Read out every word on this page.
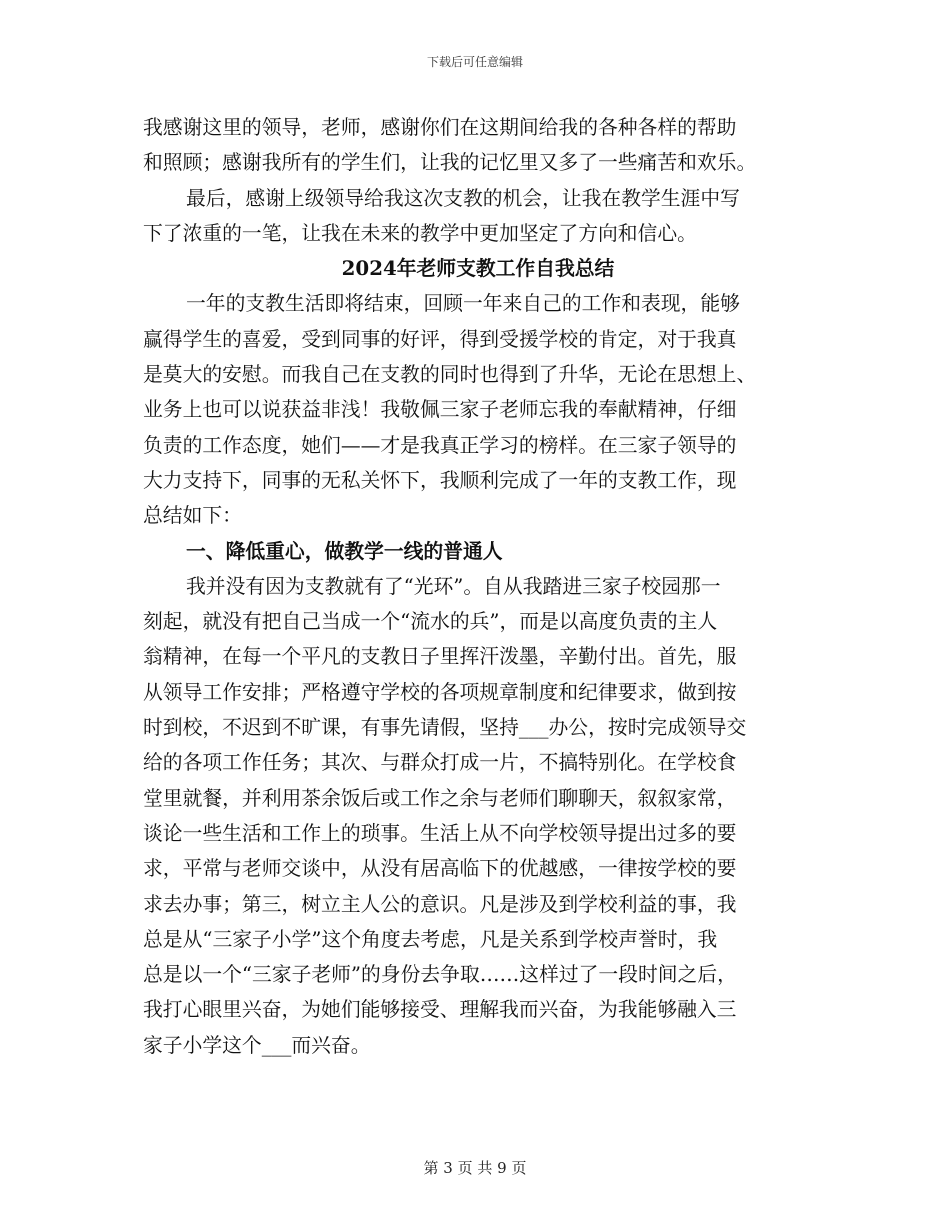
下载后可任意编辑
我感谢这里的领导，老师，感谢你们在这期间给我的各种各样的帮助
和照顾；感谢我所有的学生们，让我的记忆里又多了一些痛苦和欢乐。
最后，感谢上级领导给我这次支教的机会，让我在教学生涯中写
下了浓重的一笔，让我在未来的教学中更加坚定了方向和信心。
2024年老师支教工作自我总结
一年的支教生活即将结束，回顾一年来自己的工作和表现，能够
赢得学生的喜爱，受到同事的好评，得到受援学校的肯定，对于我真
是莫大的安慰。而我自己在支教的同时也得到了升华，无论在思想上、
业务上也可以说获益非浅！我敬佩三家子老师忘我的奉献精神，仔细
负责的工作态度，她们——才是我真正学习的榜样。在三家子领导的
大力支持下，同事的无私关怀下，我顺利完成了一年的支教工作，现
总结如下：
一、降低重心，做教学一线的普通人
我并没有因为支教就有了“光环”。自从我踏进三家子校园那一
刻起，就没有把自己当成一个“流水的兵”，而是以高度负责的主人
翁精神，在每一个平凡的支教日子里挥汗泼墨，辛勤付出。首先，服
从领导工作安排；严格遵守学校的各项规章制度和纪律要求，做到按
时到校，不迟到不旷课，有事先请假，坚持___办公，按时完成领导交
给的各项工作任务；其次、与群众打成一片，不搞特别化。在学校食
堂里就餐，并利用茶余饭后或工作之余与老师们聊聊天，叙叙家常，
谈论一些生活和工作上的琐事。生活上从不向学校领导提出过多的要
求，平常与老师交谈中，从没有居高临下的优越感，一律按学校的要
求去办事；第三，树立主人公的意识。凡是涉及到学校利益的事，我
总是从“三家子小学”这个角度去考虑，凡是关系到学校声誉时，我
总是以一个“三家子老师”的身份去争取……这样过了一段时间之后，
我打心眼里兴奋，为她们能够接受、理解我而兴奋，为我能够融入三
家子小学这个___而兴奋。
第 3 页 共 9 页
